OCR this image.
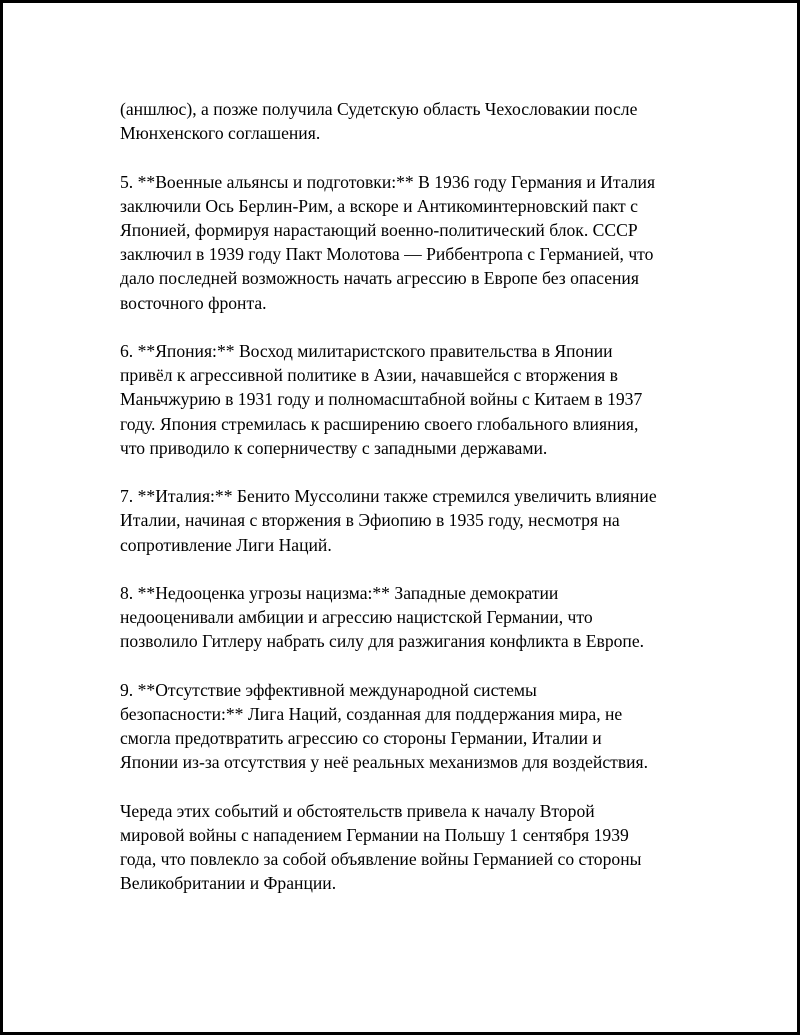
(аншлюс), а позже получила Судетскую область Чехословакии после
Мюнхенского соглашения.

5. **Военные альянсы и подготовки:** В 1936 году Германия и Италия
заключили Ось Берлин-Рим, а вскоре и Антикоминтерновский пакт с
Японией, формируя нарастающий военно-политический блок. СССР
заключил в 1939 году Пакт Молотова — Риббентропа с Германией, что
дало последней возможность начать агрессию в Европе без опасения
восточного фронта.

6. **Япония:** Восход милитаристского правительства в Японии
привёл к агрессивной политике в Азии, начавшейся с вторжения в
Маньчжурию в 1931 году и полномасштабной войны с Китаем в 1937
году. Япония стремилась к расширению своего глобального влияния,
что приводило к соперничеству с западными державами.

7. **Италия:** Бенито Муссолини также стремился увеличить влияние
Италии, начиная с вторжения в Эфиопию в 1935 году, несмотря на
сопротивление Лиги Наций.

8. **Недооценка угрозы нацизма:** Западные демократии
недооценивали амбиции и агрессию нацистской Германии, что
позволило Гитлеру набрать силу для разжигания конфликта в Европе.

9. **Отсутствие эффективной международной системы
безопасности:** Лига Наций, созданная для поддержания мира, не
смогла предотвратить агрессию со стороны Германии, Италии и
Японии из-за отсутствия у неё реальных механизмов для воздействия.

Череда этих событий и обстоятельств привела к началу Второй
мировой войны с нападением Германии на Польшу 1 сентября 1939
года, что повлекло за собой объявление войны Германией со стороны
Великобритании и Франции.
